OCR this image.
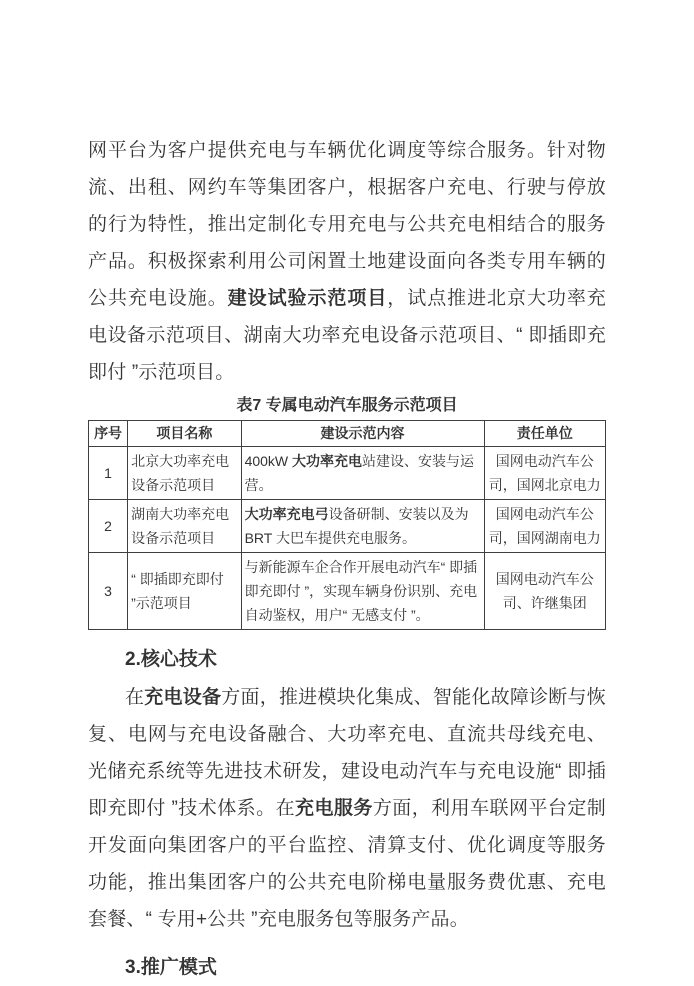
网平台为客户提供充电与车辆优化调度等综合服务。针对物流、出租、网约车等集团客户，根据客户充电、行驶与停放的行为特性，推出定制化专用充电与公共充电相结合的服务产品。积极探索利用公司闲置土地建设面向各类专用车辆的公共充电设施。建设试验示范项目，试点推进北京大功率充电设备示范项目、湖南大功率充电设备示范项目、“ 即插即充即付 ”示范项目。

表7 专属电动汽车服务示范项目

序号	项目名称	建设示范内容	责任单位
1	北京大功率充电设备示范项目	400kW 大功率充电站建设、安装与运营。	国网电动汽车公司，国网北京电力
2	湖南大功率充电设备示范项目	大功率充电弓设备研制、安装以及为 BRT 大巴车提供充电服务。	国网电动汽车公司，国网湖南电力
3	“ 即插即充即付 ”示范项目	与新能源车企合作开展电动汽车“ 即插即充即付 ”，实现车辆身份识别、充电自动鉴权，用户“ 无感支付 ”。	国网电动汽车公司、许继集团

2.核心技术

在充电设备方面，推进模块化集成、智能化故障诊断与恢复、电网与充电设备融合、大功率充电、直流共母线充电、光储充系统等先进技术研发，建设电动汽车与充电设施“ 即插即充即付 ”技术体系。在充电服务方面，利用车联网平台定制开发面向集团客户的平台监控、清算支付、优化调度等服务功能，推出集团客户的公共充电阶梯电量服务费优惠、充电套餐、“ 专用+公共 ”充电服务包等服务产品。

3.推广模式
